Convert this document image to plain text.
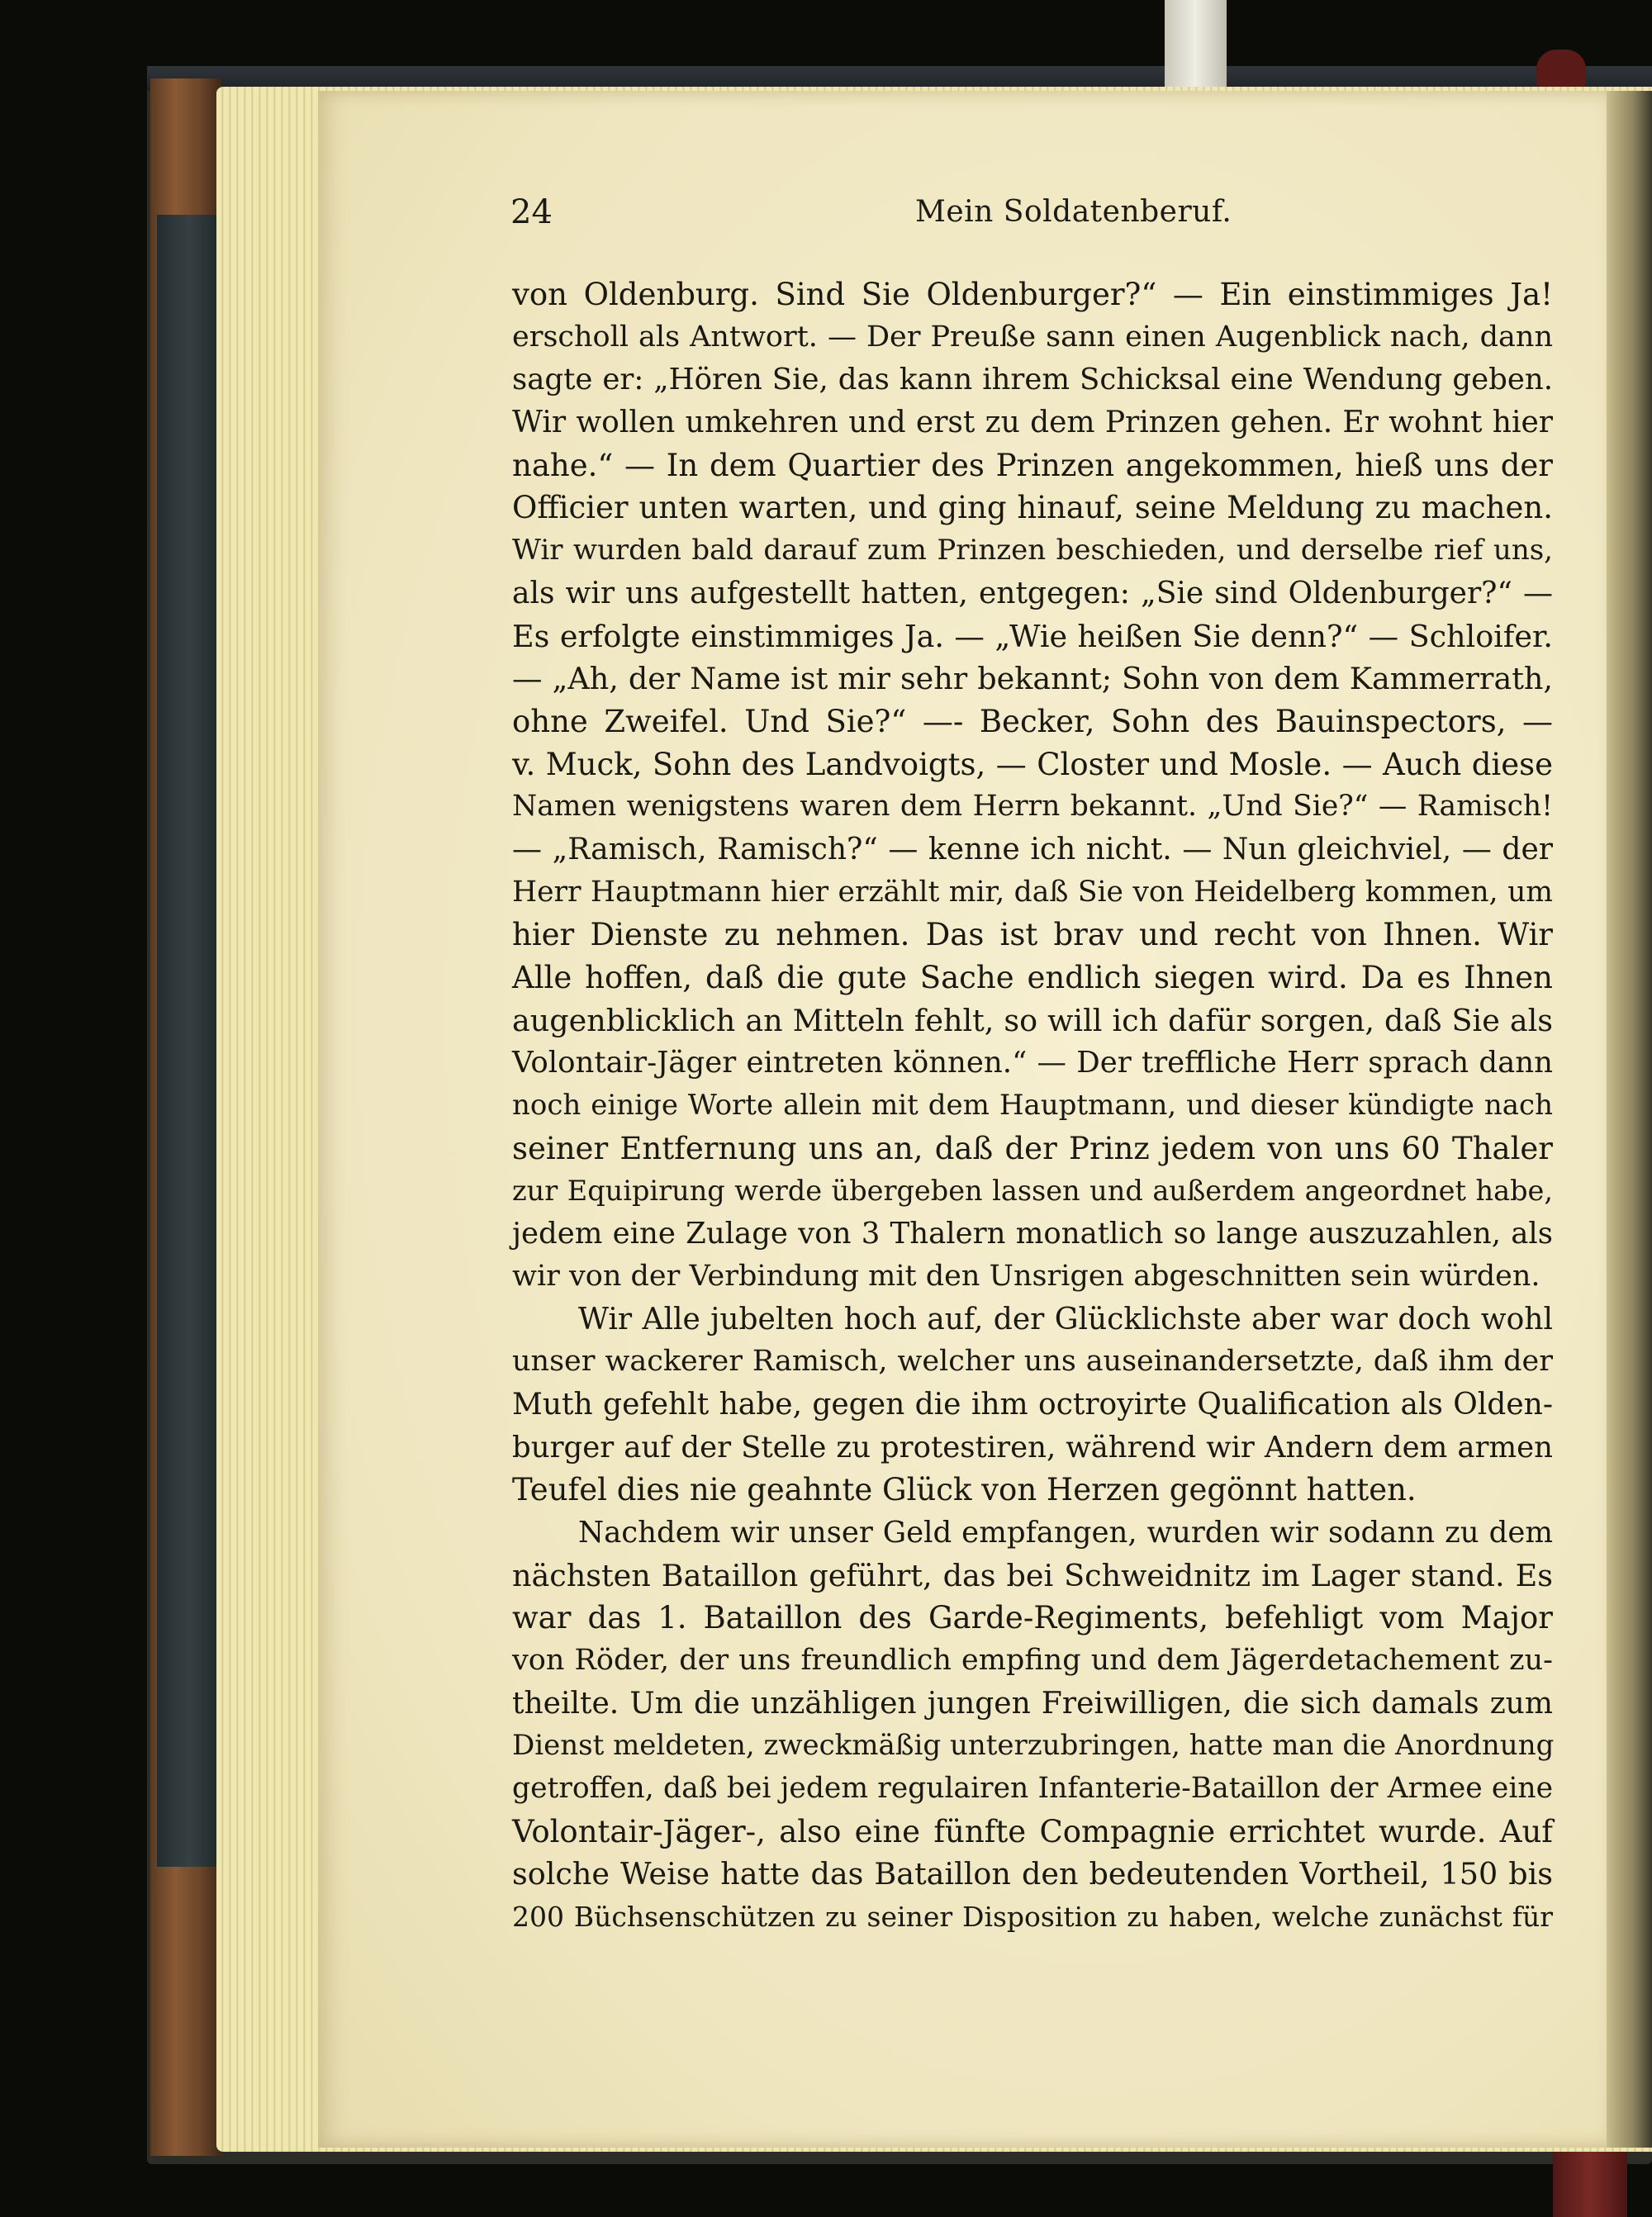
24	Mein Soldatenberuf.
von Oldenburg. Sind Sie Oldenburger?“ — Ein einstimmiges Ja!
erscholl als Antwort. — Der Preuße sann einen Augenblick nach, dann
sagte er: „Hören Sie, das kann ihrem Schicksal eine Wendung geben.
Wir wollen umkehren und erst zu dem Prinzen gehen. Er wohnt hier
nahe.“ — In dem Quartier des Prinzen angekommen, hieß uns der
Officier unten warten, und ging hinauf, seine Meldung zu machen.
Wir wurden bald darauf zum Prinzen beschieden, und derselbe rief uns,
als wir uns aufgestellt hatten, entgegen: „Sie sind Oldenburger?“ —
Es erfolgte einstimmiges Ja. — „Wie heißen Sie denn?“ — Schloifer.
— „Ah, der Name ist mir sehr bekannt; Sohn von dem Kammerrath,
ohne Zweifel. Und Sie?“ —- Becker, Sohn des Bauinspectors, —
v. Muck, Sohn des Landvoigts, — Closter und Mosle. — Auch diese
Namen wenigstens waren dem Herrn bekannt. „Und Sie?“ — Ramisch!
— „Ramisch, Ramisch?“ — kenne ich nicht. — Nun gleichviel, — der
Herr Hauptmann hier erzählt mir, daß Sie von Heidelberg kommen, um
hier Dienste zu nehmen. Das ist brav und recht von Ihnen. Wir
Alle hoffen, daß die gute Sache endlich siegen wird. Da es Ihnen
augenblicklich an Mitteln fehlt, so will ich dafür sorgen, daß Sie als
Volontair-Jäger eintreten können.“ — Der treffliche Herr sprach dann
noch einige Worte allein mit dem Hauptmann, und dieser kündigte nach
seiner Entfernung uns an, daß der Prinz jedem von uns 60 Thaler
zur Equipirung werde übergeben lassen und außerdem angeordnet habe,
jedem eine Zulage von 3 Thalern monatlich so lange auszuzahlen, als
wir von der Verbindung mit den Unsrigen abgeschnitten sein würden.
Wir Alle jubelten hoch auf, der Glücklichste aber war doch wohl
unser wackerer Ramisch, welcher uns auseinandersetzte, daß ihm der
Muth gefehlt habe, gegen die ihm octroyirte Qualification als Olden-
burger auf der Stelle zu protestiren, während wir Andern dem armen
Teufel dies nie geahnte Glück von Herzen gegönnt hatten.
Nachdem wir unser Geld empfangen, wurden wir sodann zu dem
nächsten Bataillon geführt, das bei Schweidnitz im Lager stand. Es
war das 1. Bataillon des Garde-Regiments, befehligt vom Major
von Röder, der uns freundlich empfing und dem Jägerdetachement zu-
theilte. Um die unzähligen jungen Freiwilligen, die sich damals zum
Dienst meldeten, zweckmäßig unterzubringen, hatte man die Anordnung
getroffen, daß bei jedem regulairen Infanterie-Bataillon der Armee eine
Volontair-Jäger-, also eine fünfte Compagnie errichtet wurde. Auf
solche Weise hatte das Bataillon den bedeutenden Vortheil, 150 bis
200 Büchsenschützen zu seiner Disposition zu haben, welche zunächst für
